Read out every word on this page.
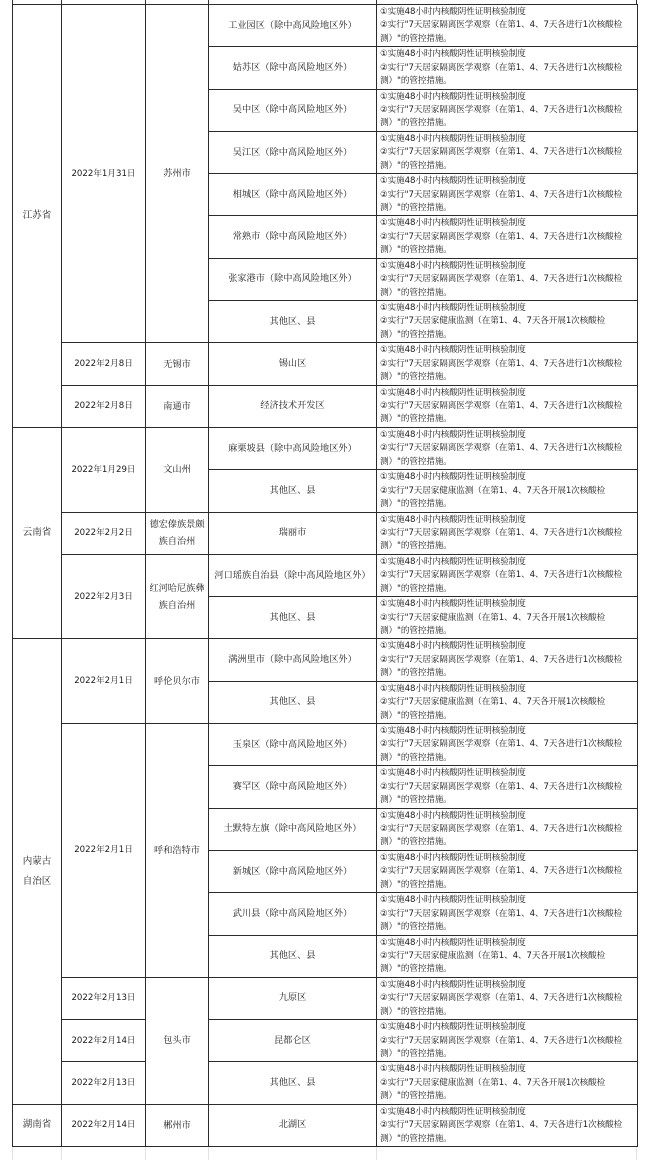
江苏省	2022年1月31日	苏州市	工业园区（除中高风险地区外）	①实施48小时内核酸阴性证明核验制度
②实行"7天居家隔离医学观察（在第1、4、7天各进行1次核酸检
测）"的管控措施。

			姑苏区（除中高风险地区外）	①实施48小时内核酸阴性证明核验制度
②实行"7天居家隔离医学观察（在第1、4、7天各进行1次核酸检
测）"的管控措施。

			吴中区（除中高风险地区外）	①实施48小时内核酸阴性证明核验制度
②实行"7天居家隔离医学观察（在第1、4、7天各进行1次核酸检
测）"的管控措施。

			吴江区（除中高风险地区外）	①实施48小时内核酸阴性证明核验制度
②实行"7天居家隔离医学观察（在第1、4、7天各进行1次核酸检
测）"的管控措施。

			相城区（除中高风险地区外）	①实施48小时内核酸阴性证明核验制度
②实行"7天居家隔离医学观察（在第1、4、7天各进行1次核酸检
测）"的管控措施。

			常熟市（除中高风险地区外）	①实施48小时内核酸阴性证明核验制度
②实行"7天居家隔离医学观察（在第1、4、7天各进行1次核酸检
测）"的管控措施。

			张家港市（除中高风险地区外）	①实施48小时内核酸阴性证明核验制度
②实行"7天居家隔离医学观察（在第1、4、7天各进行1次核酸检
测）"的管控措施。

			其他区、县	①实施48小时内核酸阴性证明核验制度
②实行"7天居家健康监测（在第1、4、7天各开展1次核酸检
测）"的管控措施。

	2022年2月8日	无锡市	锡山区	①实施48小时内核酸阴性证明核验制度
②实行"7天居家隔离医学观察（在第1、4、7天各进行1次核酸检
测）"的管控措施。

	2022年2月8日	南通市	经济技术开发区	①实施48小时内核酸阴性证明核验制度
②实行"7天居家隔离医学观察（在第1、4、7天各进行1次核酸检
测）"的管控措施。

云南省	2022年1月29日	文山州	麻栗坡县（除中高风险地区外）	①实施48小时内核酸阴性证明核验制度
②实行"7天居家隔离医学观察（在第1、4、7天各进行1次核酸检
测）"的管控措施。

			其他区、县	①实施48小时内核酸阴性证明核验制度
②实行"7天居家健康监测（在第1、4、7天各开展1次核酸检
测）"的管控措施。

	2022年2月2日	德宏傣族景颇
族自治州	瑞丽市	①实施48小时内核酸阴性证明核验制度
②实行"7天居家隔离医学观察（在第1、4、7天各进行1次核酸检
测）"的管控措施。

	2022年2月3日	红河哈尼族彝
族自治州	河口瑶族自治县（除中高风险地区外）	①实施48小时内核酸阴性证明核验制度
②实行"7天居家隔离医学观察（在第1、4、7天各进行1次核酸检
测）"的管控措施。

			其他区、县	①实施48小时内核酸阴性证明核验制度
②实行"7天居家健康监测（在第1、4、7天各开展1次核酸检
测）"的管控措施。

内蒙古
自治区	2022年2月1日	呼伦贝尔市	满洲里市（除中高风险地区外）	①实施48小时内核酸阴性证明核验制度
②实行"7天居家隔离医学观察（在第1、4、7天各进行1次核酸检
测）"的管控措施。

			其他区、县	①实施48小时内核酸阴性证明核验制度
②实行"7天居家健康监测（在第1、4、7天各开展1次核酸检
测）"的管控措施。

	2022年2月1日	呼和浩特市	玉泉区（除中高风险地区外）	①实施48小时内核酸阴性证明核验制度
②实行"7天居家隔离医学观察（在第1、4、7天各进行1次核酸检
测）"的管控措施。

			赛罕区（除中高风险地区外）	①实施48小时内核酸阴性证明核验制度
②实行"7天居家隔离医学观察（在第1、4、7天各进行1次核酸检
测）"的管控措施。

			土默特左旗（除中高风险地区外）	①实施48小时内核酸阴性证明核验制度
②实行"7天居家隔离医学观察（在第1、4、7天各进行1次核酸检
测）"的管控措施。

			新城区（除中高风险地区外）	①实施48小时内核酸阴性证明核验制度
②实行"7天居家隔离医学观察（在第1、4、7天各进行1次核酸检
测）"的管控措施。

			武川县（除中高风险地区外）	①实施48小时内核酸阴性证明核验制度
②实行"7天居家隔离医学观察（在第1、4、7天各进行1次核酸检
测）"的管控措施。

			其他区、县	①实施48小时内核酸阴性证明核验制度
②实行"7天居家健康监测（在第1、4、7天各开展1次核酸检
测）"的管控措施。

	2022年2月13日	包头市	九原区	①实施48小时内核酸阴性证明核验制度
②实行"7天居家隔离医学观察（在第1、4、7天各进行1次核酸检
测）"的管控措施。

	2022年2月14日		昆都仑区	①实施48小时内核酸阴性证明核验制度
②实行"7天居家隔离医学观察（在第1、4、7天各进行1次核酸检
测）"的管控措施。

	2022年2月13日		其他区、县	①实施48小时内核酸阴性证明核验制度
②实行"7天居家健康监测（在第1、4、7天各开展1次核酸检
测）"的管控措施。

湖南省	2022年2月14日	郴州市	北湖区	①实施48小时内核酸阴性证明核验制度
②实行"7天居家隔离医学观察（在第1、4、7天各进行1次核酸检
测）"的管控措施。
